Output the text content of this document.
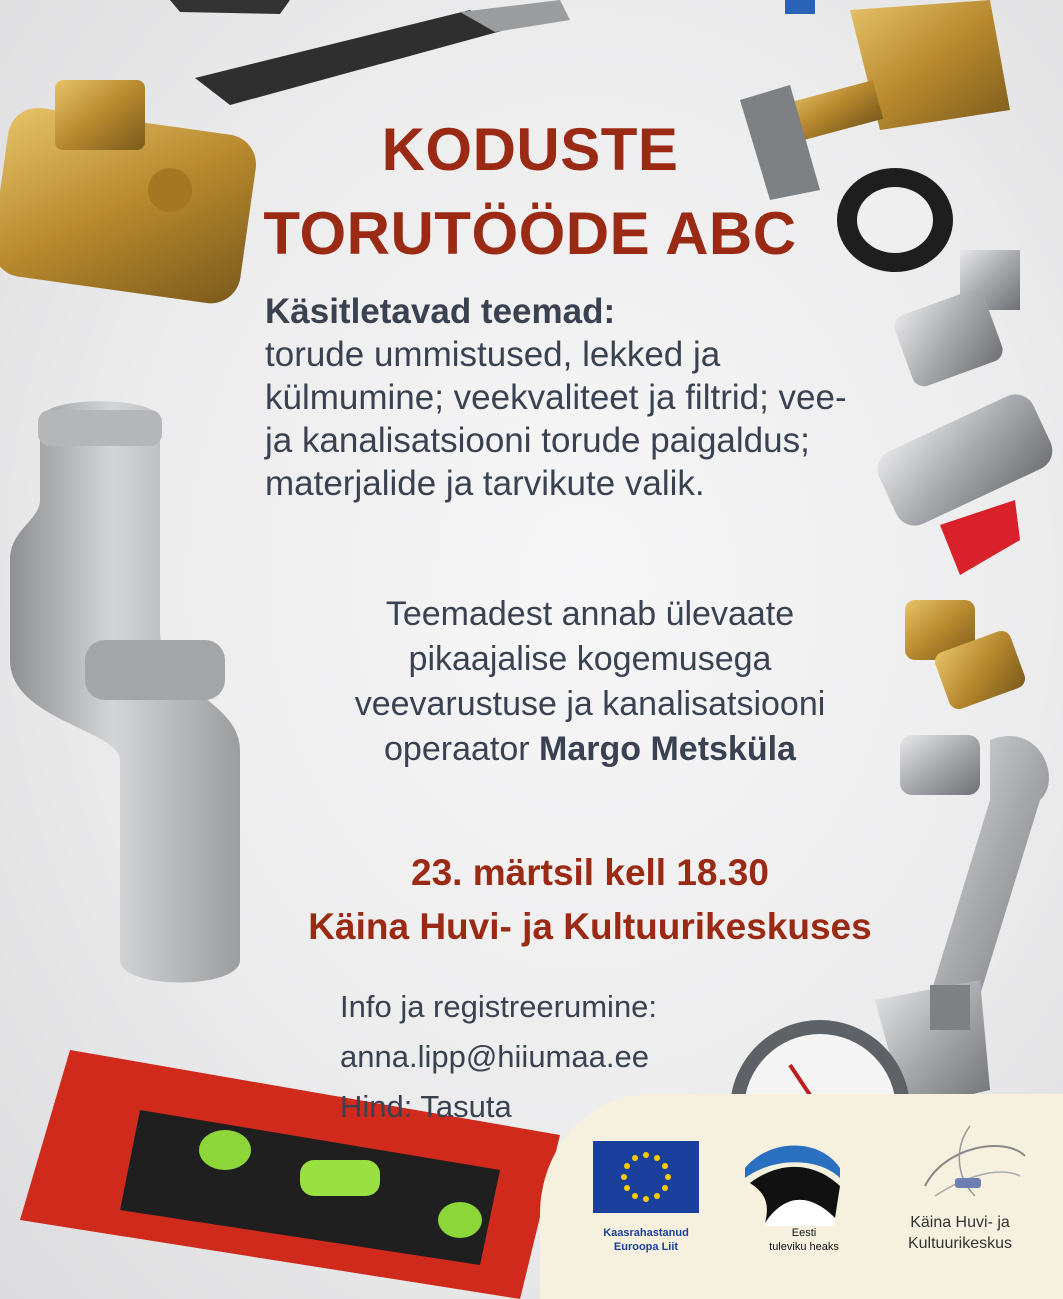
KODUSTE
TORUTÖÖDE ABC
Käsitletavad teemad:
torude ummistused, lekked ja
külmumine; veekvaliteet ja filtrid; vee-
ja kanalisatsiooni torude paigaldus;
materjalide ja tarvikute valik.
Teemadest annab ülevaate
pikaajalise kogemusega
veevarustuse ja kanalisatsiooni
operaator Margo Metsküla
23. märtsil kell 18.30
Käina Huvi- ja Kultuurikeskuses
Info ja registreerumine:
anna.lipp@hiiumaa.ee
Hind: Tasuta
Kaasrahastanud
Euroopa Liit
Eesti
tuleviku heaks
Käina Huvi- ja
Kultuurikeskus
